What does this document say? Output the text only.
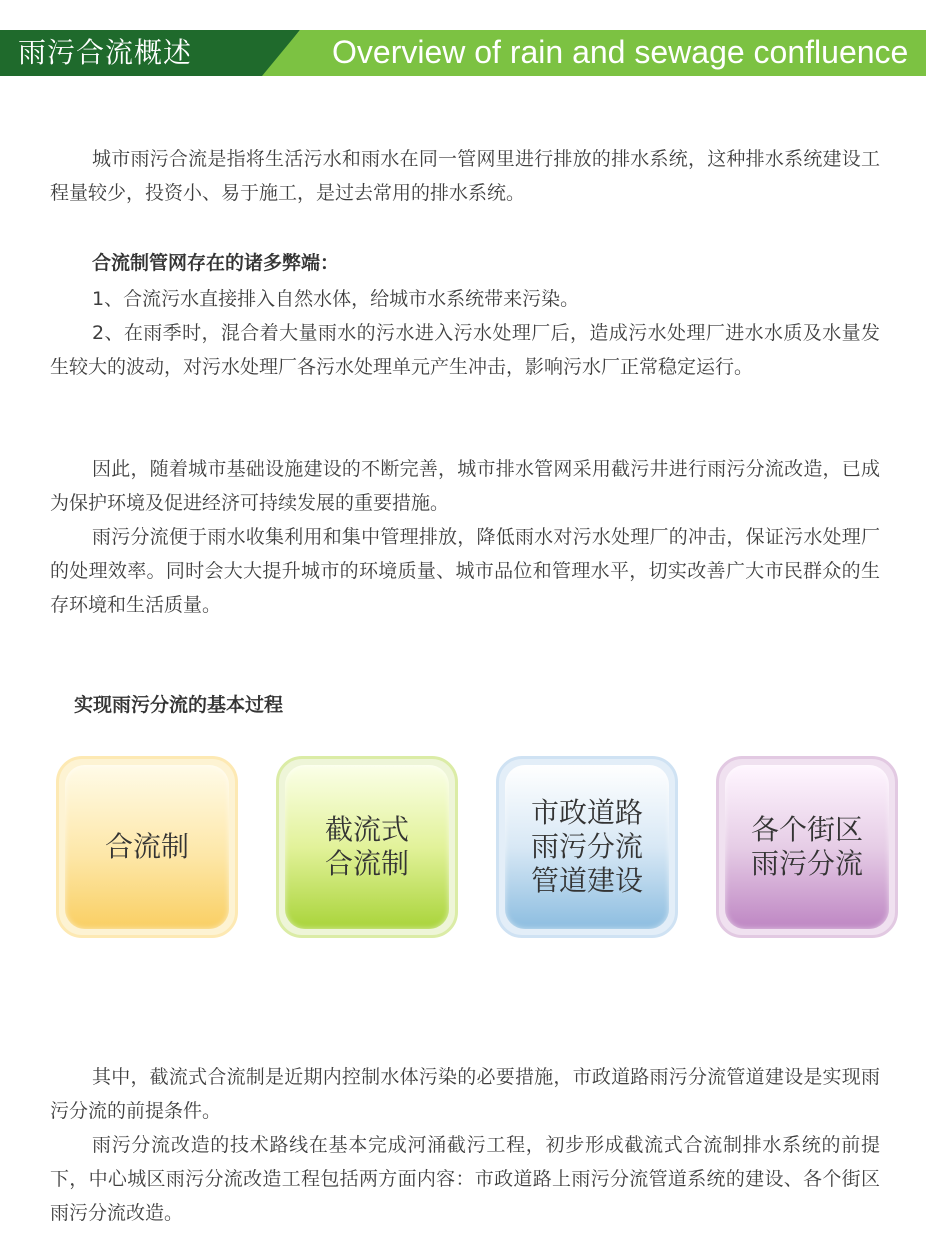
雨污合流概述	Overview of rain and sewage confluence

城市雨污合流是指将生活污水和雨水在同一管网里进行排放的排水系统，这种排水系统建设工程量较少，投资小、易于施工，是过去常用的排水系统。

合流制管网存在的诸多弊端：

1、合流污水直接排入自然水体，给城市水系统带来污染。

2、在雨季时，混合着大量雨水的污水进入污水处理厂后，造成污水处理厂进水水质及水量发生较大的波动，对污水处理厂各污水处理单元产生冲击，影响污水厂正常稳定运行。

因此，随着城市基础设施建设的不断完善，城市排水管网采用截污井进行雨污分流改造，已成为保护环境及促进经济可持续发展的重要措施。

雨污分流便于雨水收集利用和集中管理排放，降低雨水对污水处理厂的冲击，保证污水处理厂的处理效率。同时会大大提升城市的环境质量、城市品位和管理水平，切实改善广大市民群众的生存环境和生活质量。

实现雨污分流的基本过程

合流制
截流式
合流制
市政道路
雨污分流
管道建设
各个街区
雨污分流

其中，截流式合流制是近期内控制水体污染的必要措施，市政道路雨污分流管道建设是实现雨污分流的前提条件。

雨污分流改造的技术路线在基本完成河涌截污工程，初步形成截流式合流制排水系统的前提下，中心城区雨污分流改造工程包括两方面内容：市政道路上雨污分流管道系统的建设、各个街区雨污分流改造。
